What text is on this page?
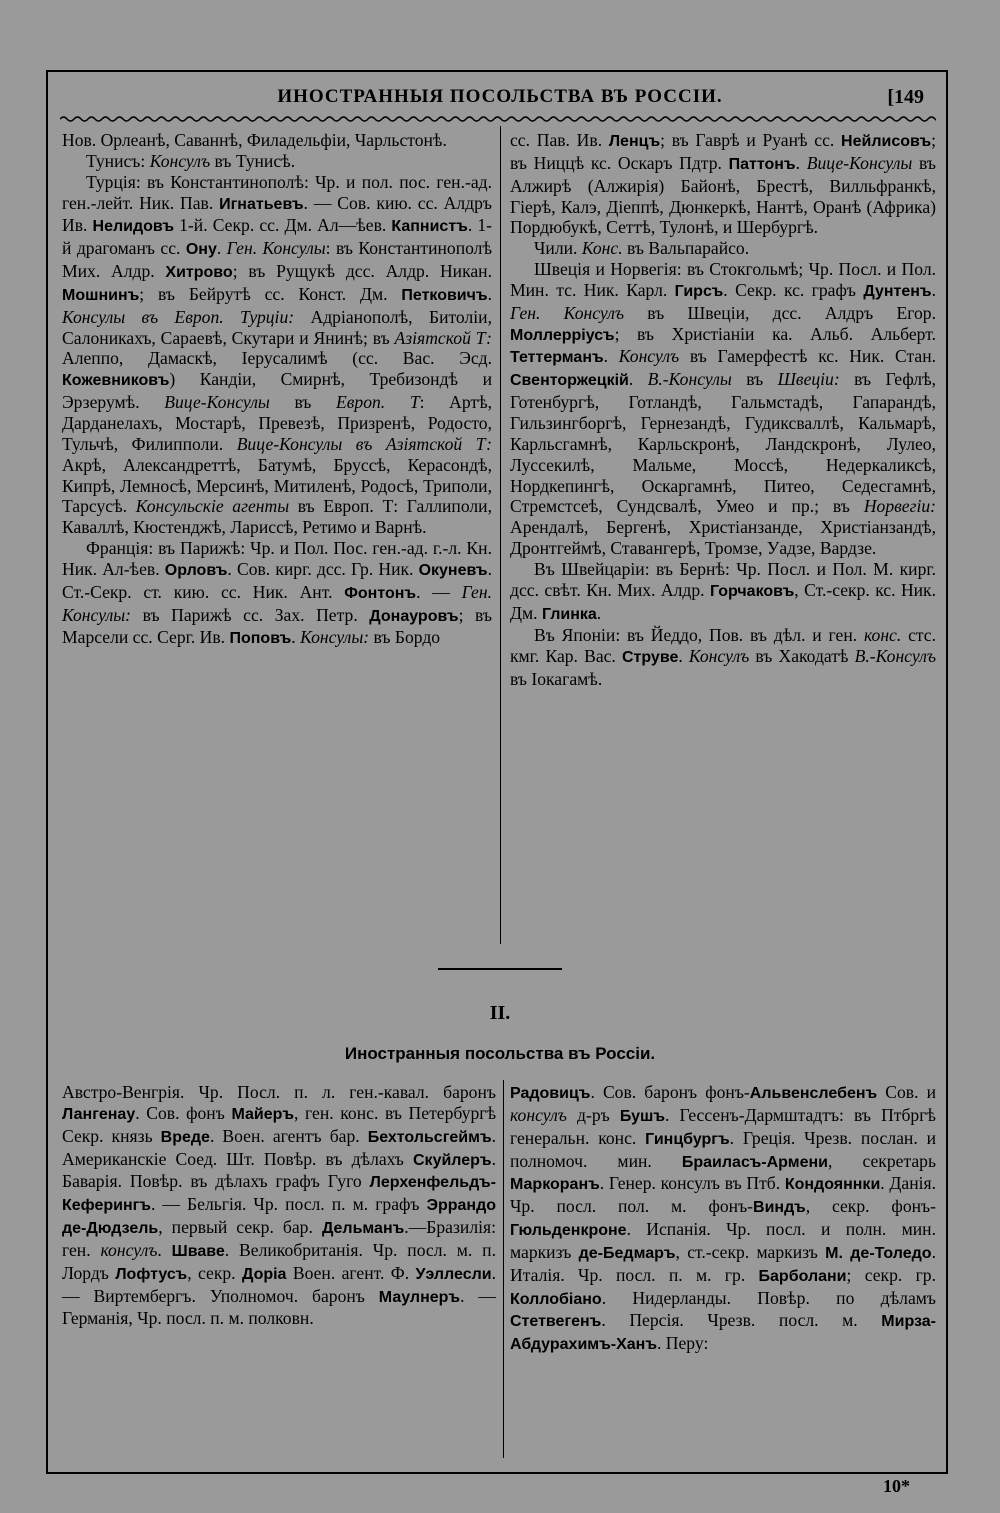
ИНОСТРАННЫЯ ПОСОЛЬСТВА ВЪ РОССІИ.	[149

Нов. Орлеанѣ, Саваннѣ, Филадельфіи, Чарльстонѣ.

Тунисъ: Консулъ въ Тунисѣ.

Турція: въ Константинополѣ: Чр. и пол. пос. ген.-ад. ген.-лейт. Ник. Пав. Игнатьевъ. — Сов. кию. сс. Алдръ Ив. Нелидовъ 1-й. Секр. сс. Дм. Ал—ѣев. Капнистъ. 1-й драгоманъ сс. Ону. Ген. Консулы: въ Константинополѣ Мих. Алдр. Хитрово; въ Рущукѣ дсс. Алдр. Никан. Мошнинъ; въ Бейрутѣ сс. Конст. Дм. Петковичъ. Консулы въ Европ. Турціи: Адріанополѣ, Битоліи, Салоникахъ, Сараевѣ, Скутари и Янинѣ; въ Азіятской Т: Алеппо, Дамаскѣ, Іерусалимѣ (сс. Вас. Эсд. Кожевниковъ) Кандіи, Смирнѣ, Требизондѣ и Эрзерумѣ. Вице-Консулы въ Европ. Т: Артѣ, Дарданелахъ, Мостарѣ, Превезѣ, Призренѣ, Родосто, Тульчѣ, Филипполи. Вице-Консулы въ Азіятской Т: Акрѣ, Александреттѣ, Батумѣ, Бруссѣ, Керасондѣ, Кипрѣ, Лемносѣ, Мерсинѣ, Митиленѣ, Родосѣ, Триполи, Тарсусѣ. Консульскіе агенты въ Европ. Т: Галлиполи, Каваллѣ, Кюстенджѣ, Лариссѣ, Ретимо и Варнѣ.

Франція: въ Парижѣ: Чр. и Пол. Пос. ген.-ад. г.-л. Кн. Ник. Ал-ѣев. Орловъ. Сов. кирг. дсс. Гр. Ник. Окуневъ. Ст.-Секр. ст. кию. сс. Ник. Ант. Фонтонъ. — Ген. Консулы: въ Парижѣ сс. Зах. Петр. Донауровъ; въ Марсели сс. Серг. Ив. Поповъ. Консулы: въ Бордо

сс. Пав. Ив. Ленцъ; въ Гаврѣ и Руанѣ сс. Нейлисовъ; въ Ниццѣ кс. Оскаръ Пдтр. Паттонъ. Вице-Консулы въ Алжирѣ (Алжирія) Байонѣ, Брестѣ, Вилльфранкѣ, Гіерѣ, Калэ, Діеппѣ, Дюнкеркѣ, Нантѣ, Оранѣ (Африка) Пордюбукѣ, Сеттѣ, Тулонѣ, и Шербургѣ.

Чили. Конс. въ Вальпарайсо.

Швеція и Норвегія: въ Стокгольмѣ; Чр. Посл. и Пол. Мин. тс. Ник. Карл. Гирсъ. Секр. кс. графъ Дунтенъ. Ген. Консулъ въ Швеціи, дсс. Алдръ Егор. Моллерріусъ; въ Христіаніи ка. Альб. Альберт. Теттерманъ. Консулъ въ Гамерфестѣ кс. Ник. Стан. Свенторжецкій. В.-Консулы въ Швеціи: въ Гефлѣ, Готенбургѣ, Готландѣ, Гальмстадѣ, Гапарандѣ, Гильзингборгѣ, Гернезандѣ, Гудиксваллѣ, Кальмарѣ, Карльсгамнѣ, Карльскронѣ, Ландскронѣ, Лулео, Луссекилѣ, Мальме, Моссѣ, Недеркаликсѣ, Нордкепингѣ, Оскаргамнѣ, Питео, Седесгамнѣ, Стремстсеѣ, Сундсвалѣ, Умео и пр.; въ Норвегіи: Арендалѣ, Бергенѣ, Христіанзанде, Христіанзандѣ, Дронтгеймѣ, Ставангерѣ, Тромзе, Уадзе, Вардзе.

Въ Швейцаріи: въ Бернѣ: Чр. Посл. и Пол. М. кирг. дсс. свѣт. Кн. Мих. Алдр. Горчаковъ, Ст.-секр. кс. Ник. Дм. Глинка.

Въ Японіи: въ Йеддо, Пов. въ дѣл. и ген. конс. стс. кмг. Кар. Вас. Струве. Консулъ въ Хакодатѣ В.-Консулъ въ Іокагамѣ.

II.
Иностранныя посольства въ Россіи.

Австро-Венгрія. Чр. Посл. п. л. ген.-кавал. баронъ Лангенау. Сов. фонъ Майеръ, ген. конс. въ Петербургѣ Секр. князь Вреде. Воен. агентъ бар. Бехтольсгеймъ. Американскіе Соед. Шт. Повѣр. въ дѣлахъ Скуйлеръ. Баварія. Повѣр. въ дѣлахъ графъ Гуго Лерхенфельдъ-Кеферингъ. — Бельгія. Чр. посл. п. м. графъ Эррандо де-Дюдзель, первый секр. бар. Дельманъ.—Бразилія: ген. консулъ. Шваве. Великобританія. Чр. посл. м. п. Лордъ Лофтусъ, секр. Доріа Воен. агент. Ф. Уэллесли. — Виртембергъ. Уполномоч. баронъ Маулнеръ. — Германія, Чр. посл. п. м. полковн.

Радовицъ. Сов. баронъ фонъ-Альвенслебенъ Сов. и консулъ д-ръ Бушъ. Гессенъ-Дармштадтъ: въ Птбргѣ генеральн. конс. Гинцбургъ. Греція. Чрезв. послан. и полномоч. мин. Браиласъ-Армени, секретарь Маркоранъ. Генер. консулъ въ Птб. Кондояннки. Данія. Чр. посл. пол. м. фонъ-Виндъ, секр. фонъ-Гюльденкроне. Испанія. Чр. посл. и полн. мин. маркизъ де-Бедмаръ, ст.-секр. маркизъ М. де-Толедо. Италія. Чр. посл. п. м. гр. Барболани; секр. гр. Коллобіано. Нидерланды. Повѣр. по дѣламъ Стетвегенъ. Персія. Чрезв. посл. м. Мирза-Абдурахимъ-Ханъ. Перу:

10*
